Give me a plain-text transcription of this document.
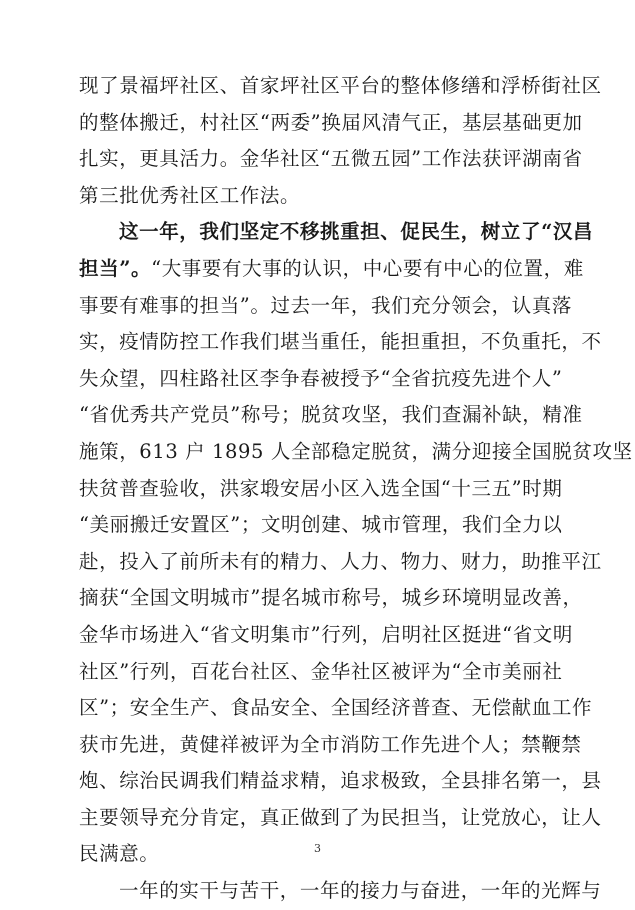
现了景福坪社区、首家坪社区平台的整体修缮和浮桥街社区
的整体搬迁，村社区“两委”换届风清气正，基层基础更加
扎实，更具活力。金华社区“五微五园”工作法获评湖南省
第三批优秀社区工作法。
这一年，我们坚定不移挑重担、促民生，树立了“汉昌
担当”。“大事要有大事的认识，中心要有中心的位置，难
事要有难事的担当”。过去一年，我们充分领会，认真落
实，疫情防控工作我们堪当重任，能担重担，不负重托，不
失众望，四柱路社区李争春被授予“全省抗疫先进个人”
“省优秀共产党员”称号；脱贫攻坚，我们查漏补缺，精准
施策，613 户 1895 人全部稳定脱贫，满分迎接全国脱贫攻坚
扶贫普查验收，洪家塅安居小区入选全国“十三五”时期
“美丽搬迁安置区”；文明创建、城市管理，我们全力以
赴，投入了前所未有的精力、人力、物力、财力，助推平江
摘获“全国文明城市”提名城市称号，城乡环境明显改善，
金华市场进入“省文明集市”行列，启明社区挺进“省文明
社区”行列，百花台社区、金华社区被评为“全市美丽社
区”；安全生产、食品安全、全国经济普查、无偿献血工作
获市先进，黄健祥被评为全市消防工作先进个人；禁鞭禁
炮、综治民调我们精益求精，追求极致，全县排名第一，县
主要领导充分肯定，真正做到了为民担当，让党放心，让人
民满意。
一年的实干与苦干，一年的接力与奋进，一年的光辉与
3
